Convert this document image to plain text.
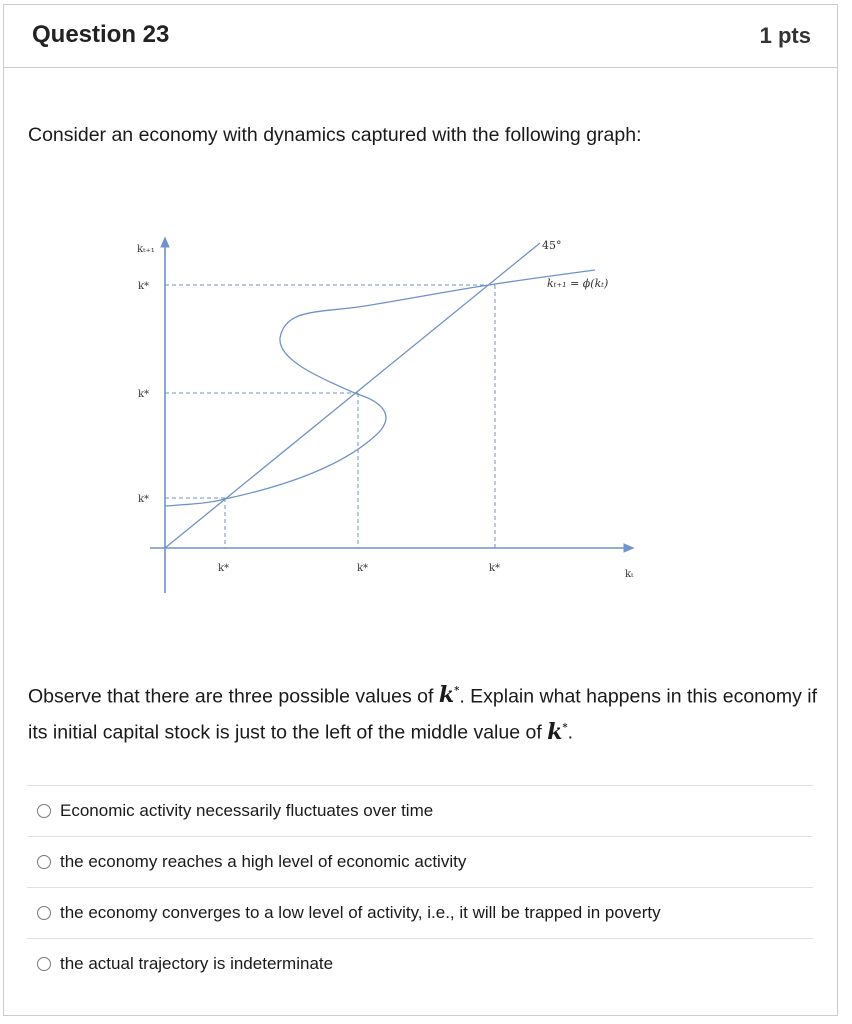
Question 23	1 pts
Consider an economy with dynamics captured with the following graph:
kₜ₊₁
kₜ
45°
kₜ₊₁ = ϕ(kₜ)
k*
k*
k*
k*	k*	k*
Observe that there are three possible values of k*. Explain what happens in this economy if its initial capital stock is just to the left of the middle value of k*.
Economic activity necessarily fluctuates over time
the economy reaches a high level of economic activity
the economy converges to a low level of activity, i.e., it will be trapped in poverty
the actual trajectory is indeterminate
